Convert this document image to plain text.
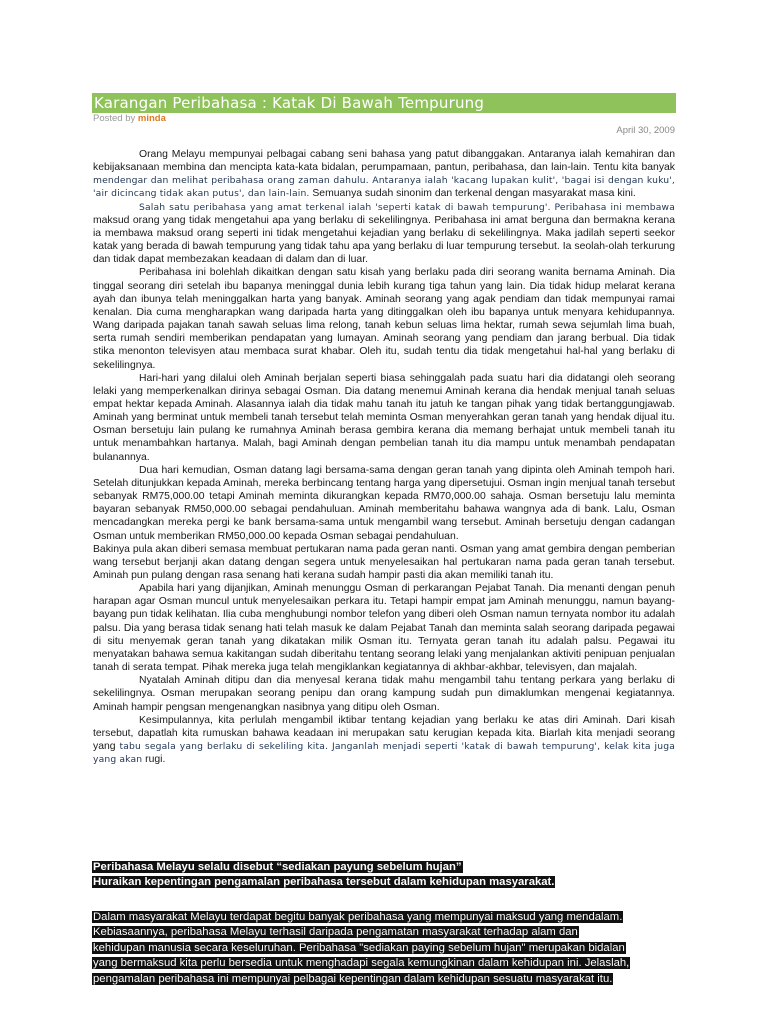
Karangan Peribahasa : Katak Di Bawah Tempurung
Posted by minda
April 30, 2009

Orang Melayu mempunyai pelbagai cabang seni bahasa yang patut dibanggakan. Antaranya ialah kemahiran dan kebijaksanaan membina dan mencipta kata-kata bidalan, perumpamaan, pantun, peribahasa, dan lain-lain. Tentu kita banyak mendengar dan melihat peribahasa orang zaman dahulu. Antaranya ialah 'kacang lupakan kulit', 'bagai isi dengan kuku', 'air dicincang tidak akan putus', dan lain-lain. Semuanya sudah sinonim dan terkenal dengan masyarakat masa kini.

Salah satu peribahasa yang amat terkenal ialah 'seperti katak di bawah tempurung'. Peribahasa ini membawa maksud orang yang tidak mengetahui apa yang berlaku di sekelilingnya. Peribahasa ini amat berguna dan bermakna kerana ia membawa maksud orang seperti ini tidak mengetahui kejadian yang berlaku di sekelilingnya. Maka jadilah seperti seekor katak yang berada di bawah tempurung yang tidak tahu apa yang berlaku di luar tempurung tersebut. Ia seolah-olah terkurung dan tidak dapat membezakan keadaan di dalam dan di luar.

Peribahasa ini bolehlah dikaitkan dengan satu kisah yang berlaku pada diri seorang wanita bernama Aminah. Dia tinggal seorang diri setelah ibu bapanya meninggal dunia lebih kurang tiga tahun yang lain. Dia tidak hidup melarat kerana ayah dan ibunya telah meninggalkan harta yang banyak. Aminah seorang yang agak pendiam dan tidak mempunyai ramai kenalan. Dia cuma mengharapkan wang daripada harta yang ditinggalkan oleh ibu bapanya untuk menyara kehidupannya. Wang daripada pajakan tanah sawah seluas lima relong, tanah kebun seluas lima hektar, rumah sewa sejumlah lima buah, serta rumah sendiri memberikan pendapatan yang lumayan. Aminah seorang yang pendiam dan jarang berbual. Dia tidak stika menonton televisyen atau membaca surat khabar. Oleh itu, sudah tentu dia tidak mengetahui hal-hal yang berlaku di sekelilingnya.

Hari-hari yang dilalui oleh Aminah berjalan seperti biasa sehinggalah pada suatu hari dia didatangi oleh seorang lelaki yang memperkenalkan dirinya sebagai Osman. Dia datang menemui Aminah kerana dia hendak menjual tanah seluas empat hektar kepada Aminah. Alasannya ialah dia tidak mahu tanah itu jatuh ke tangan pihak yang tidak bertanggungjawab. Aminah yang berminat untuk membeli tanah tersebut telah meminta Osman menyerahkan geran tanah yang hendak dijual itu. Osman bersetuju lain pulang ke rumahnya Aminah berasa gembira kerana dia memang berhajat untuk membeli tanah itu untuk menambahkan hartanya. Malah, bagi Aminah dengan pembelian tanah itu dia mampu untuk menambah pendapatan bulanannya.

Dua hari kemudian, Osman datang lagi bersama-sama dengan geran tanah yang dipinta oleh Aminah tempoh hari. Setelah ditunjukkan kepada Aminah, mereka berbincang tentang harga yang dipersetujui. Osman ingin menjual tanah tersebut sebanyak RM75,000.00 tetapi Aminah meminta dikurangkan kepada RM70,000.00 sahaja. Osman bersetuju lalu meminta bayaran sebanyak RM50,000.00 sebagai pendahuluan. Aminah memberitahu bahawa wangnya ada di bank. Lalu, Osman mencadangkan mereka pergi ke bank bersama-sama untuk mengambil wang tersebut. Aminah bersetuju dengan cadangan Osman untuk memberikan RM50,000.00 kepada Osman sebagai pendahuluan.

Bakinya pula akan diberi semasa membuat pertukaran nama pada geran nanti. Osman yang amat gembira dengan pemberian wang tersebut berjanji akan datang dengan segera untuk menyelesaikan hal pertukaran nama pada geran tanah tersebut. Aminah pun pulang dengan rasa senang hati kerana sudah hampir pasti dia akan memiliki tanah itu.

Apabila hari yang dijanjikan, Aminah menunggu Osman di perkarangan Pejabat Tanah. Dia menanti dengan penuh harapan agar Osman muncul untuk menyelesaikan perkara itu. Tetapi hampir empat jam Aminah menunggu, namun bayang-bayang pun tidak kelihatan. Ilia cuba menghubungi nombor telefon yang diberi oleh Osman namun ternyata nombor itu adalah palsu. Dia yang berasa tidak senang hati telah masuk ke dalam Pejabat Tanah dan meminta salah seorang daripada pegawai di situ menyemak geran tanah yang dikatakan milik Osman itu. Ternyata geran tanah itu adalah palsu. Pegawai itu menyatakan bahawa semua kakitangan sudah diberitahu tentang seorang lelaki yang menjalankan aktiviti penipuan penjualan tanah di serata tempat. Pihak mereka juga telah mengiklankan kegiatannya di akhbar-akhbar, televisyen, dan majalah.

Nyatalah Aminah ditipu dan dia menyesal kerana tidak mahu mengambil tahu tentang perkara yang berlaku di sekelilingnya. Osman merupakan seorang penipu dan orang kampung sudah pun dimaklumkan mengenai kegiatannya. Aminah hampir pengsan mengenangkan nasibnya yang ditipu oleh Osman.

Kesimpulannya, kita perlulah mengambil iktibar tentang kejadian yang berlaku ke atas diri Aminah. Dari kisah tersebut, dapatlah kita rumuskan bahawa keadaan ini merupakan satu kerugian kepada kita. Biarlah kita menjadi seorang yang tabu segala yang berlaku di sekeliling kita. Janganlah menjadi seperti 'katak di bawah tempurung', kelak kita juga yang akan rugi.

Peribahasa Melayu selalu disebut “sediakan payung sebelum hujan”
Huraikan kepentingan pengamalan peribahasa tersebut dalam kehidupan masyarakat.
Dalam masyarakat Melayu terdapat begitu banyak peribahasa yang mempunyai maksud yang mendalam.
Kebiasaannya, peribahasa Melayu terhasil daripada pengamatan masyarakat terhadap alam dan
kehidupan manusia secara keseluruhan. Peribahasa "sediakan paying sebelum hujan" merupakan bidalan
yang bermaksud kita perlu bersedia untuk menghadapi segala kemungkinan dalam kehidupan ini. Jelaslah,
pengamalan peribahasa ini mempunyai pelbagai kepentingan dalam kehidupan sesuatu masyarakat itu.
